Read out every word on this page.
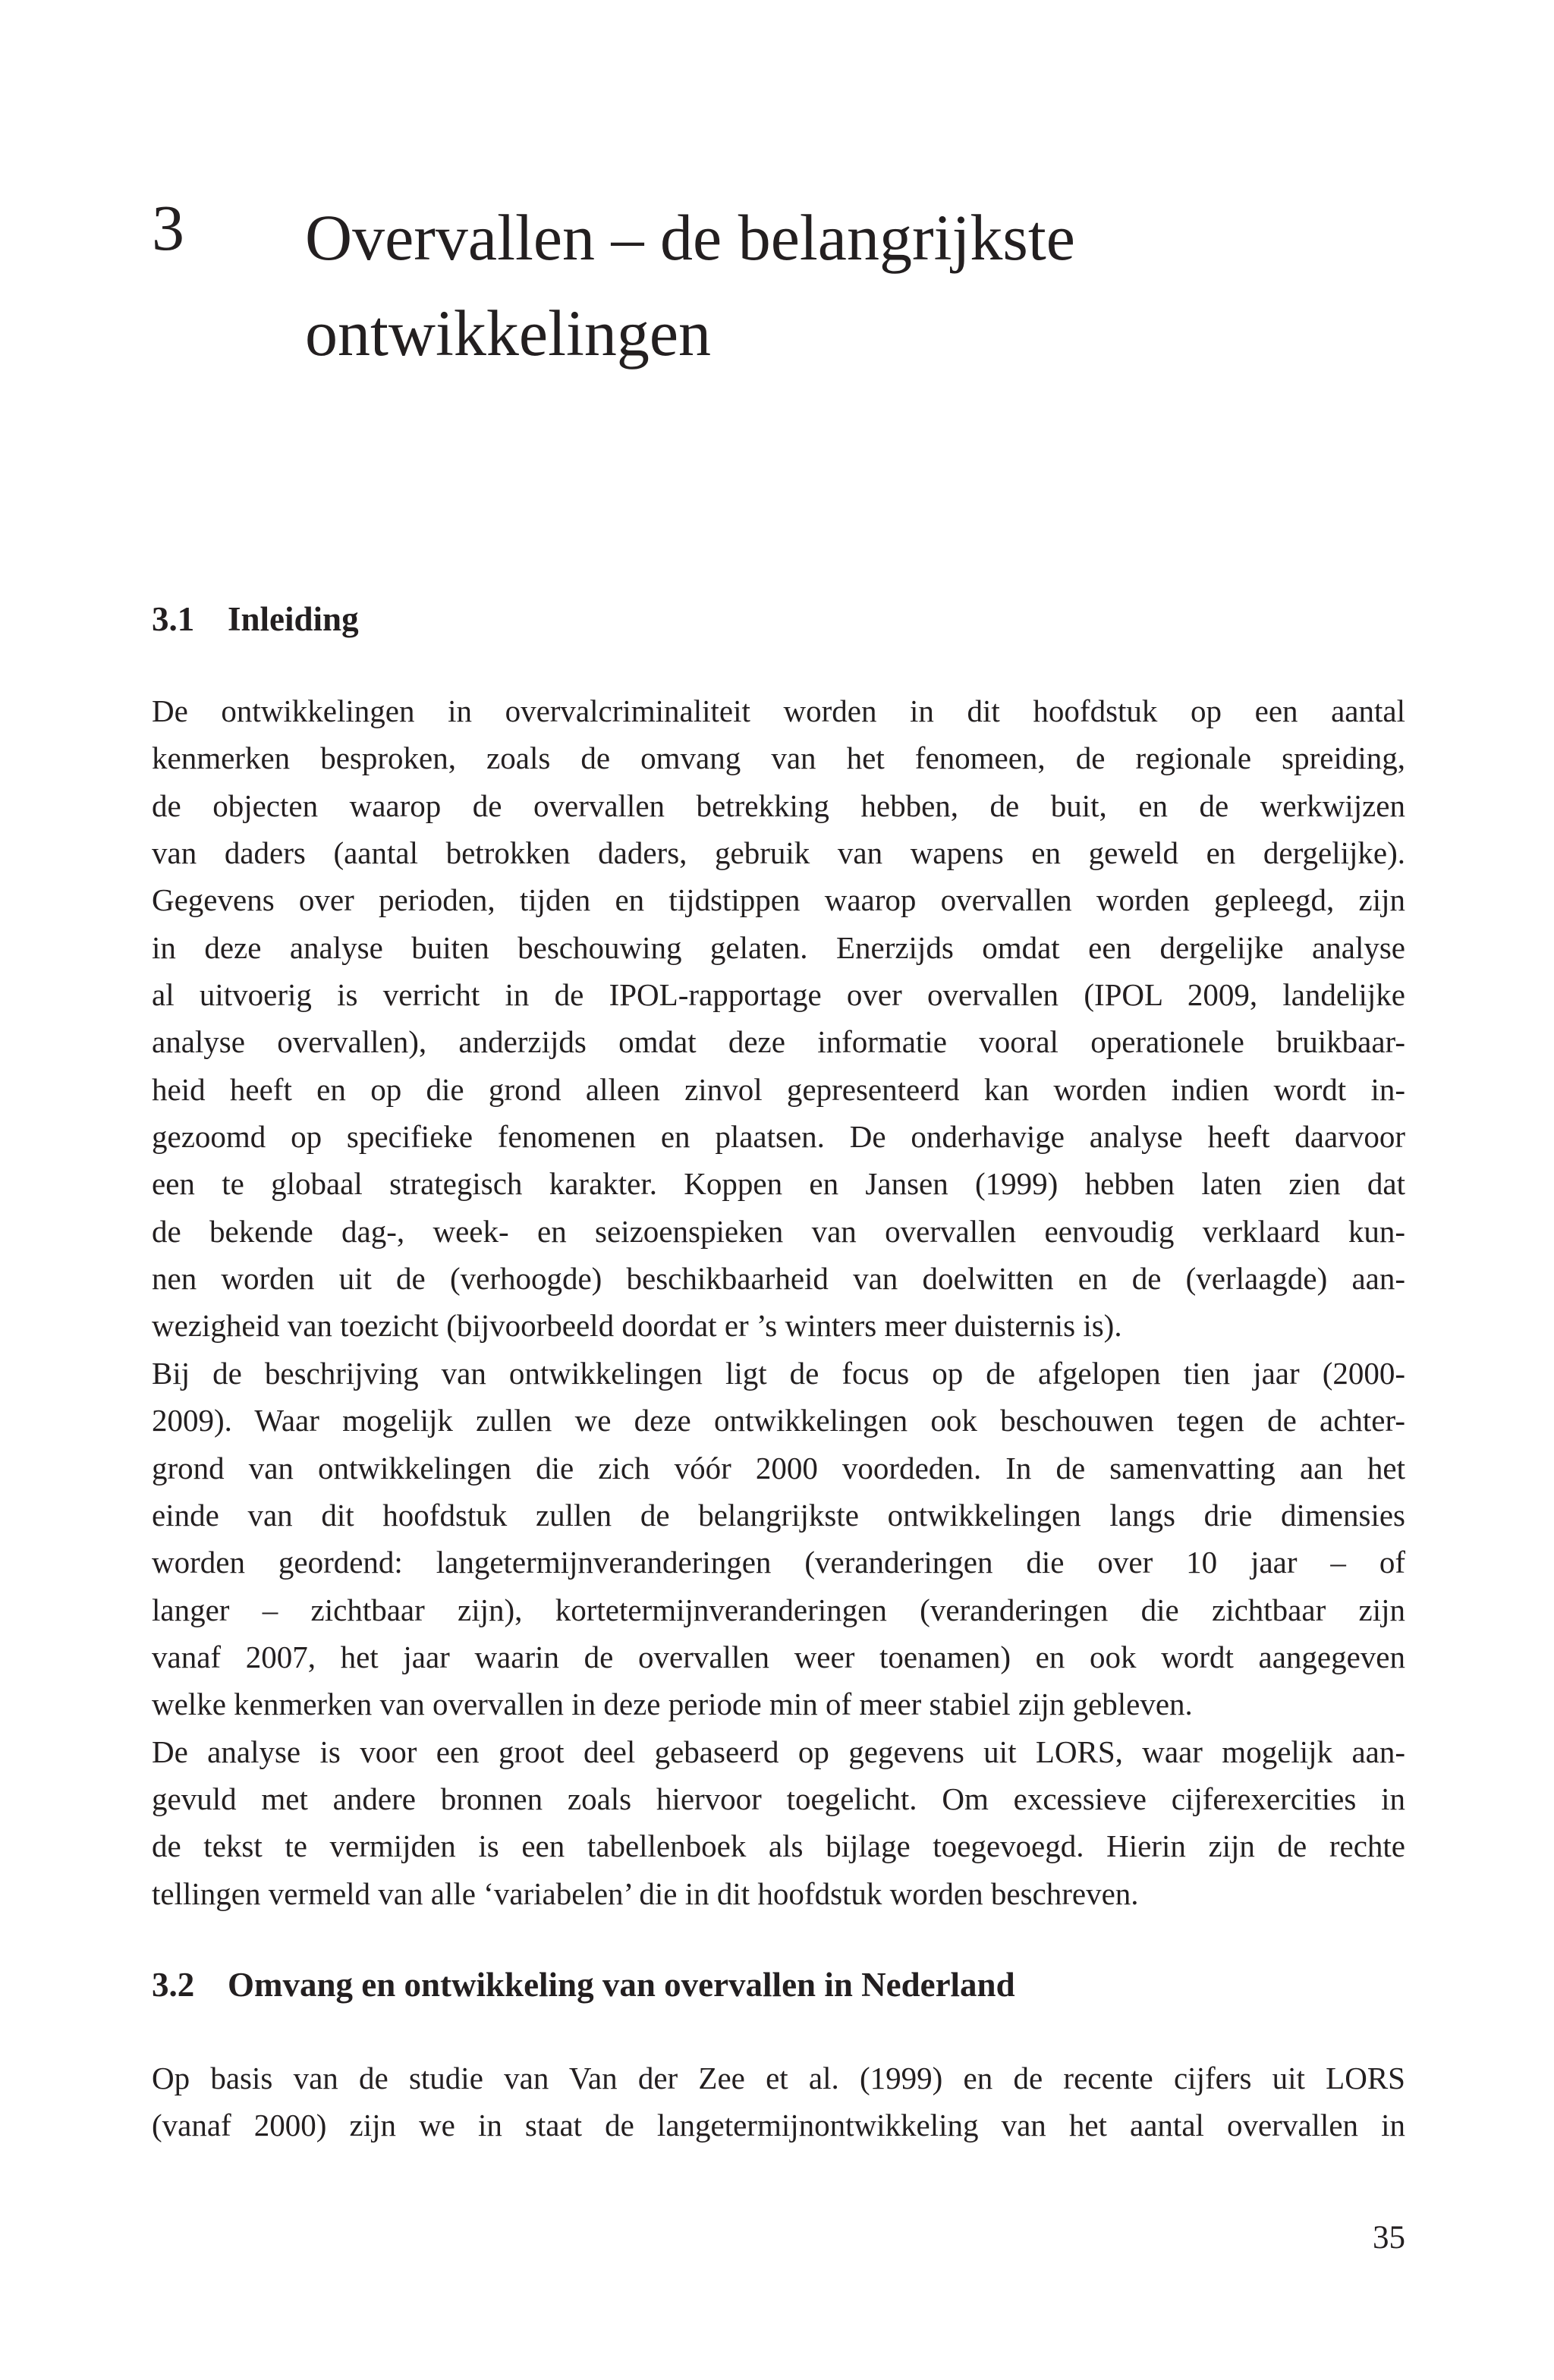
3 Overvallen – de belangrijkste
ontwikkelingen
3.1 Inleiding
De ontwikkelingen in overvalcriminaliteit worden in dit hoofdstuk op een aantal
kenmerken besproken, zoals de omvang van het fenomeen, de regionale spreiding,
de objecten waarop de overvallen betrekking hebben, de buit, en de werkwijzen
van daders (aantal betrokken daders, gebruik van wapens en geweld en dergelijke).
Gegevens over perioden, tijden en tijdstippen waarop overvallen worden gepleegd, zijn
in deze analyse buiten beschouwing gelaten. Enerzijds omdat een dergelijke analyse
al uitvoerig is verricht in de IPOL-rapportage over overvallen (IPOL 2009, landelijke
analyse overvallen), anderzijds omdat deze informatie vooral operationele bruikbaar-
heid heeft en op die grond alleen zinvol gepresenteerd kan worden indien wordt in-
gezoomd op specifieke fenomenen en plaatsen. De onderhavige analyse heeft daarvoor
een te globaal strategisch karakter. Koppen en Jansen (1999) hebben laten zien dat
de bekende dag-, week- en seizoenspieken van overvallen eenvoudig verklaard kun-
nen worden uit de (verhoogde) beschikbaarheid van doelwitten en de (verlaagde) aan-
wezigheid van toezicht (bijvoorbeeld doordat er ’s winters meer duisternis is).
Bij de beschrijving van ontwikkelingen ligt de focus op de afgelopen tien jaar (2000-
2009). Waar mogelijk zullen we deze ontwikkelingen ook beschouwen tegen de achter-
grond van ontwikkelingen die zich vóór 2000 voordeden. In de samenvatting aan het
einde van dit hoofdstuk zullen de belangrijkste ontwikkelingen langs drie dimensies
worden geordend: langetermijnveranderingen (veranderingen die over 10 jaar – of
langer – zichtbaar zijn), kortetermijnveranderingen (veranderingen die zichtbaar zijn
vanaf 2007, het jaar waarin de overvallen weer toenamen) en ook wordt aangegeven
welke kenmerken van overvallen in deze periode min of meer stabiel zijn gebleven.
De analyse is voor een groot deel gebaseerd op gegevens uit LORS, waar mogelijk aan-
gevuld met andere bronnen zoals hiervoor toegelicht. Om excessieve cijferexercities in
de tekst te vermijden is een tabellenboek als bijlage toegevoegd. Hierin zijn de rechte
tellingen vermeld van alle ‘variabelen’ die in dit hoofdstuk worden beschreven.
3.2 Omvang en ontwikkeling van overvallen in Nederland
Op basis van de studie van Van der Zee et al. (1999) en de recente cijfers uit LORS
(vanaf 2000) zijn we in staat de langetermijnontwikkeling van het aantal overvallen in

35
